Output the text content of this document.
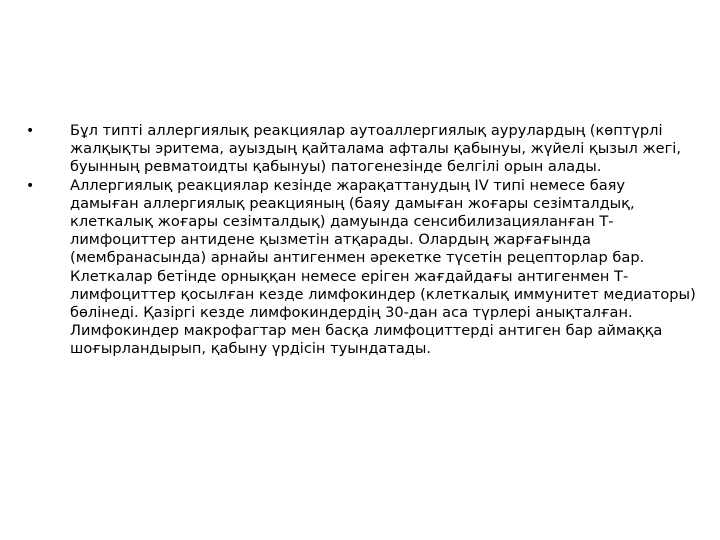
•	Бұл типті аллергиялық реакциялар аутоаллергиялық аурулардың (көптүрлі жалқықты эритема, ауыздың қайталама афталы қабынуы, жүйелі қызыл жегі, буынның ревматоидты қабынуы) патогенезінде белгілі орын алады.

•	Аллергиялық реакциялар кезінде жарақаттанудың IV типі немесе баяу дамыған аллергиялық реакцияның (баяу дамыған жоғары сезімталдық, клеткалық жоғары сезімталдық) дамуында сенсибилизацияланған Т-лимфоциттер антидене қызметін атқарады. Олардың жарғағында (мембранасында) арнайы антигенмен әрекетке түсетін рецепторлар бар. Клеткалар бетінде орныққан немесе еріген жағдайдағы антигенмен Т-лимфоциттер қосылған кезде лимфокиндер (клеткалық иммунитет медиаторы) бөлінеді. Қазіргі кезде лимфокиндердің 30-дан аса түрлері анықталған. Лимфокиндер макрофагтар мен басқа лимфоциттерді антиген бар аймаққа шоғырландырып, қабыну үрдісін туындатады.
